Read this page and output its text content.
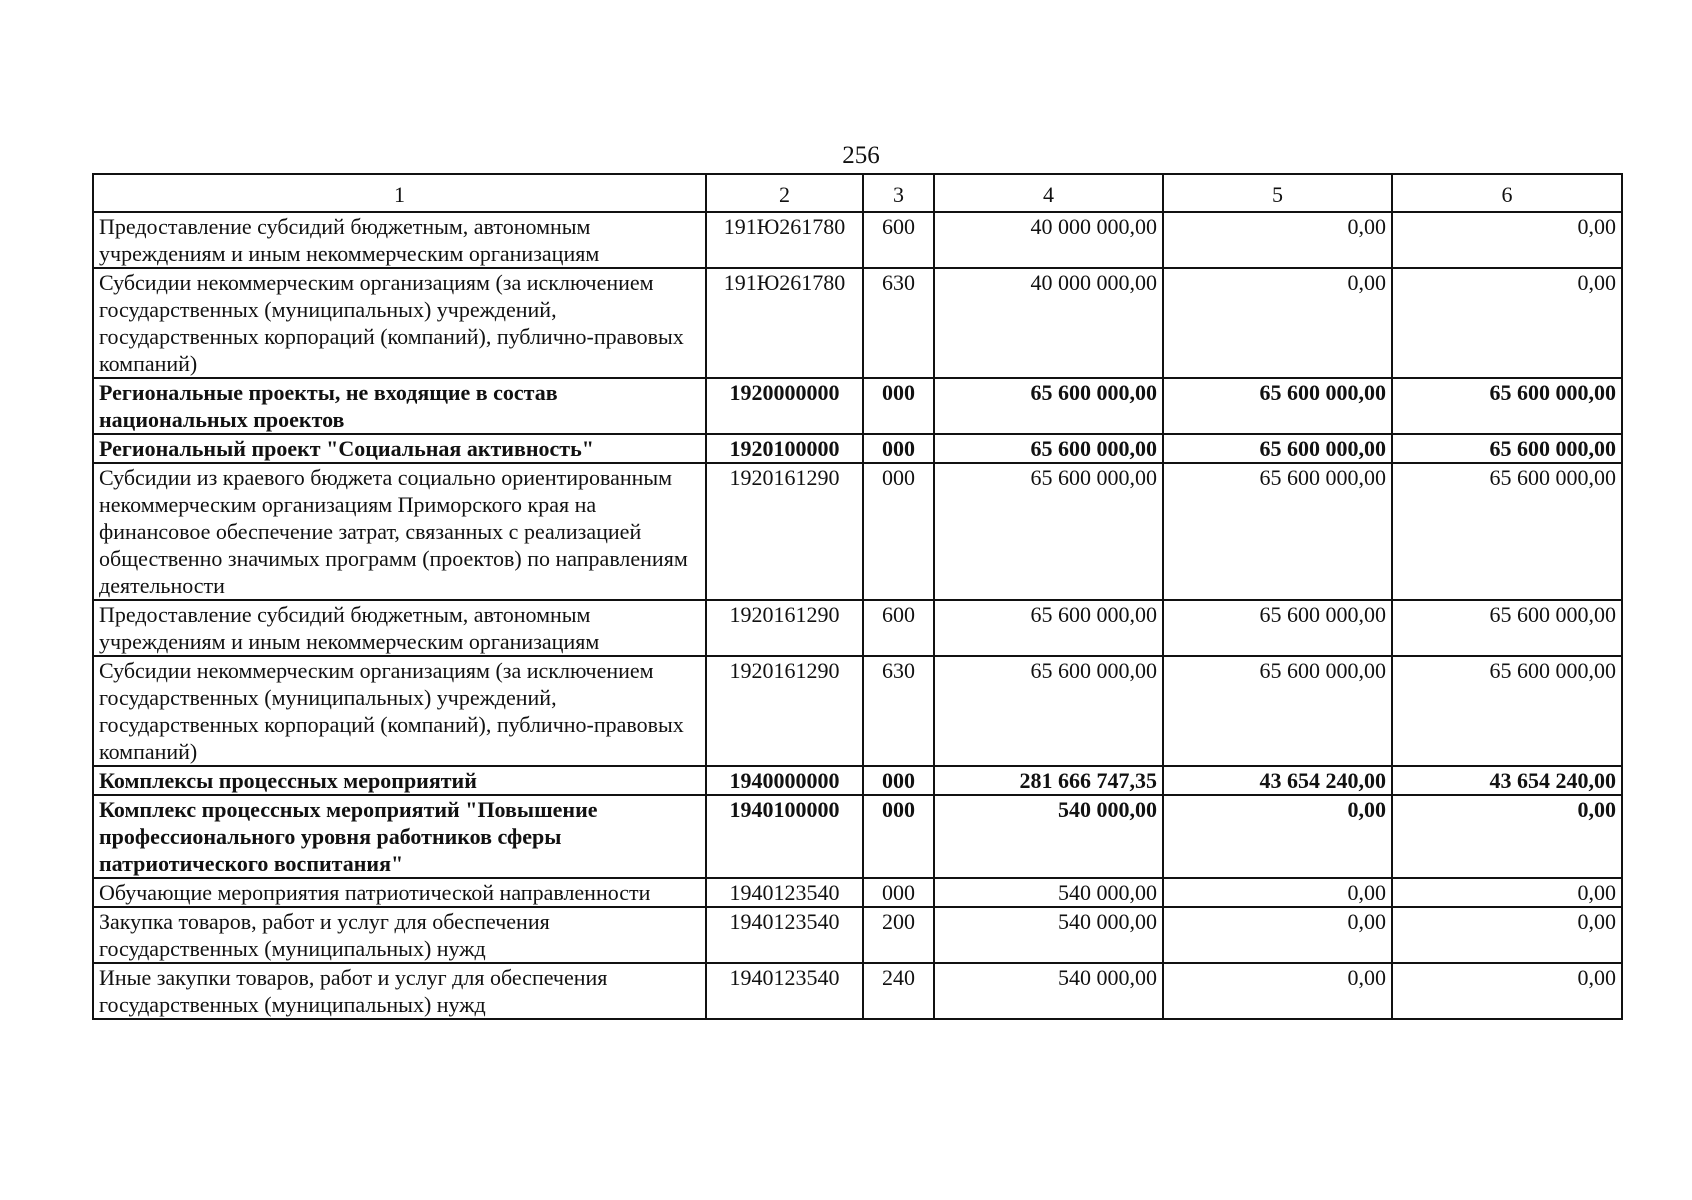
256
1	2	3	4	5	6
Предоставление субсидий бюджетным, автономным учреждениям и иным некоммерческим организациям	191Ю261780	600	40 000 000,00	0,00	0,00
Субсидии некоммерческим организациям (за исключением государственных (муниципальных) учреждений, государственных корпораций (компаний), публично-правовых компаний)	191Ю261780	630	40 000 000,00	0,00	0,00
Региональные проекты, не входящие в состав национальных проектов	1920000000	000	65 600 000,00	65 600 000,00	65 600 000,00
Региональный проект "Социальная активность"	1920100000	000	65 600 000,00	65 600 000,00	65 600 000,00
Субсидии из краевого бюджета социально ориентированным некоммерческим организациям Приморского края на финансовое обеспечение затрат, связанных с реализацией общественно значимых программ (проектов) по направлениям деятельности	1920161290	000	65 600 000,00	65 600 000,00	65 600 000,00
Предоставление субсидий бюджетным, автономным учреждениям и иным некоммерческим организациям	1920161290	600	65 600 000,00	65 600 000,00	65 600 000,00
Субсидии некоммерческим организациям (за исключением государственных (муниципальных) учреждений, государственных корпораций (компаний), публично-правовых компаний)	1920161290	630	65 600 000,00	65 600 000,00	65 600 000,00
Комплексы процессных мероприятий	1940000000	000	281 666 747,35	43 654 240,00	43 654 240,00
Комплекс процессных мероприятий "Повышение профессионального уровня работников сферы патриотического воспитания"	1940100000	000	540 000,00	0,00	0,00
Обучающие мероприятия патриотической направленности	1940123540	000	540 000,00	0,00	0,00
Закупка товаров, работ и услуг для обеспечения государственных (муниципальных) нужд	1940123540	200	540 000,00	0,00	0,00
Иные закупки товаров, работ и услуг для обеспечения государственных (муниципальных) нужд	1940123540	240	540 000,00	0,00	0,00
